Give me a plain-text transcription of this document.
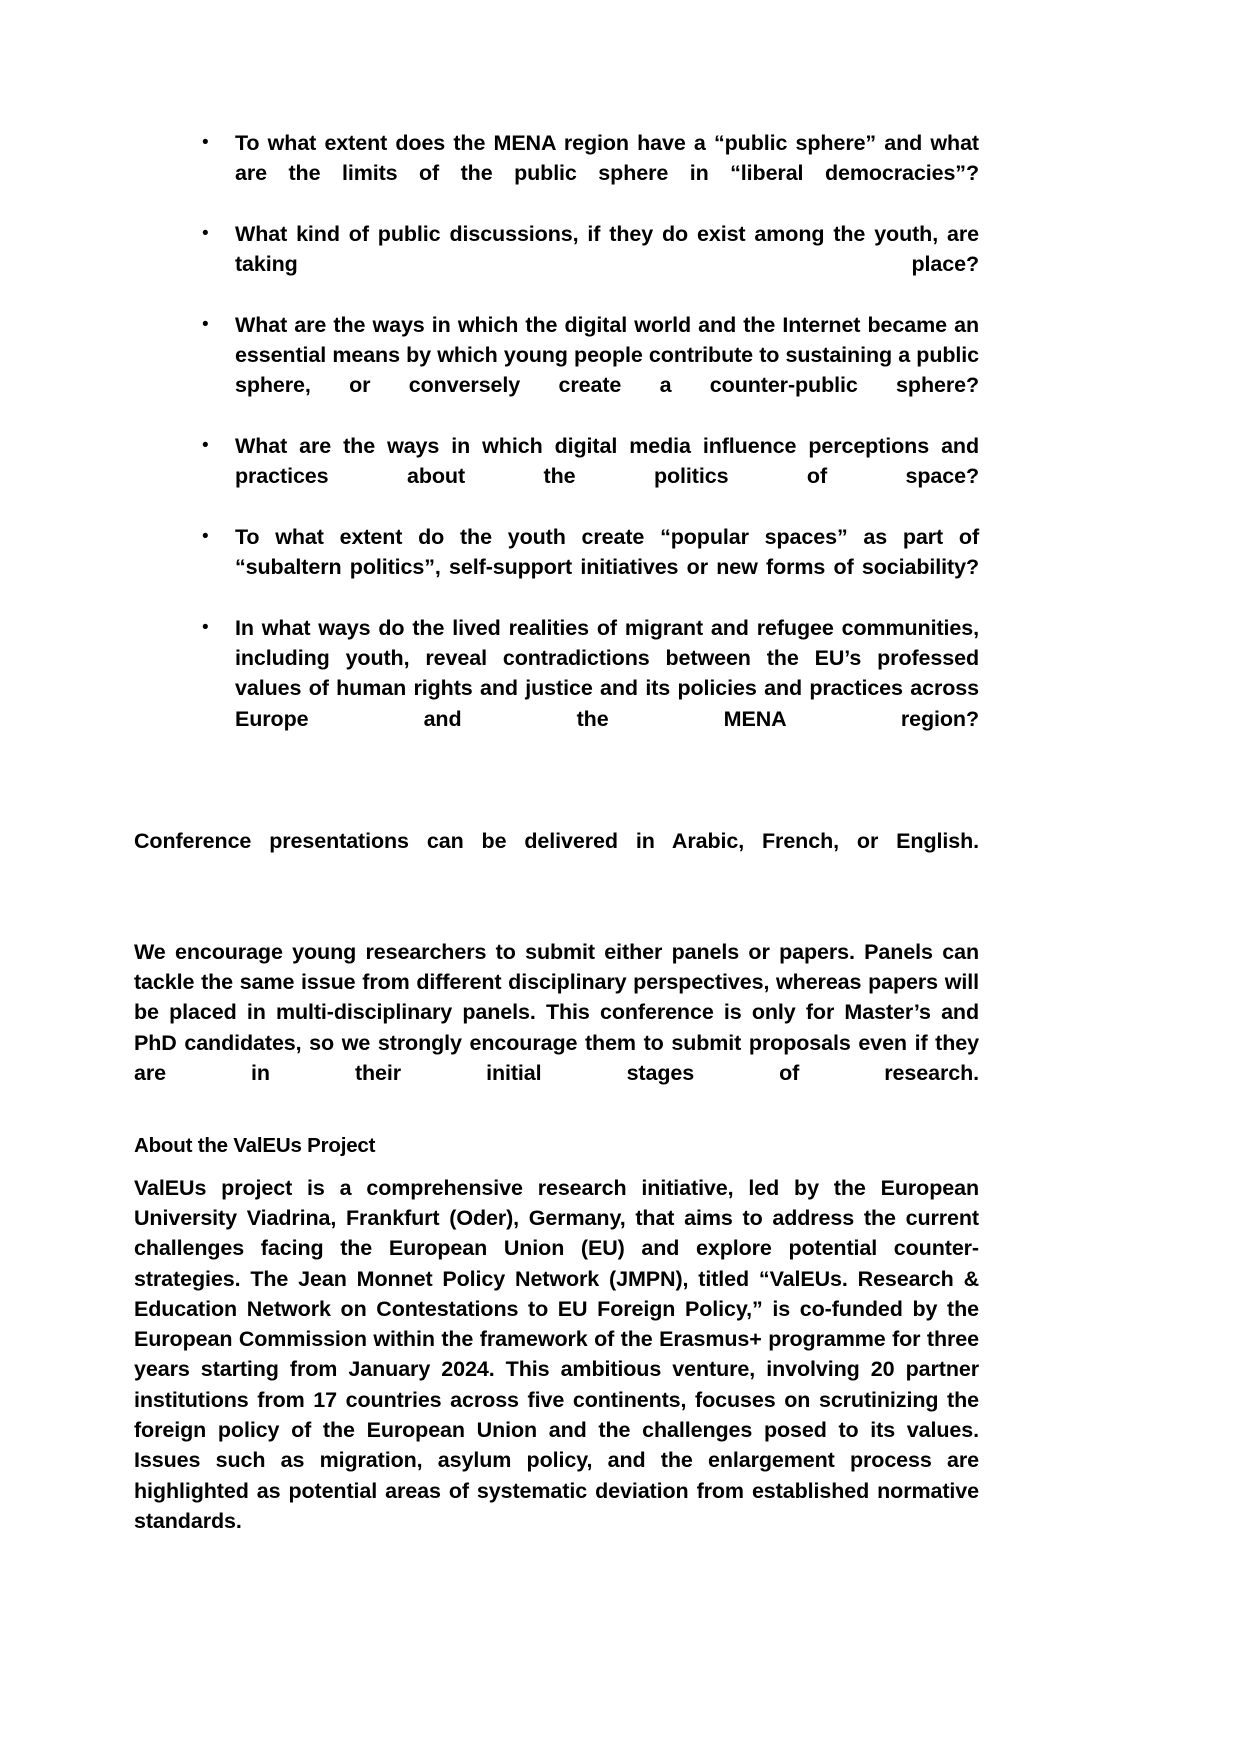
•	To what extent does the MENA region have a “public sphere” and what are the limits of the public sphere in “liberal democracies”?
•	What kind of public discussions, if they do exist among the youth, are taking place?
•	What are the ways in which the digital world and the Internet became an essential means by which young people contribute to sustaining a public sphere, or conversely create a counter-public sphere?
•	What are the ways in which digital media influence perceptions and practices about the politics of space?
•	To what extent do the youth create “popular spaces” as part of “subaltern politics”, self-support initiatives or new forms of sociability?
•	In what ways do the lived realities of migrant and refugee communities, including youth, reveal contradictions between the EU’s professed values of human rights and justice and its policies and practices across Europe and the MENA region?

Conference presentations can be delivered in Arabic, French, or English.

We encourage young researchers to submit either panels or papers. Panels can tackle the same issue from different disciplinary perspectives, whereas papers will be placed in multi-disciplinary panels. This conference is only for Master’s and PhD candidates, so we strongly encourage them to submit proposals even if they are in their initial stages of research.

About the ValEUs Project

ValEUs project is a comprehensive research initiative, led by the European University Viadrina, Frankfurt (Oder), Germany, that aims to address the current challenges facing the European Union (EU) and explore potential counter-strategies. The Jean Monnet Policy Network (JMPN), titled “ValEUs. Research & Education Network on Contestations to EU Foreign Policy,” is co-funded by the European Commission within the framework of the Erasmus+ programme for three years starting from January 2024. This ambitious venture, involving 20 partner institutions from 17 countries across five continents, focuses on scrutinizing the foreign policy of the European Union and the challenges posed to its values. Issues such as migration, asylum policy, and the enlargement process are highlighted as potential areas of systematic deviation from established normative standards.
